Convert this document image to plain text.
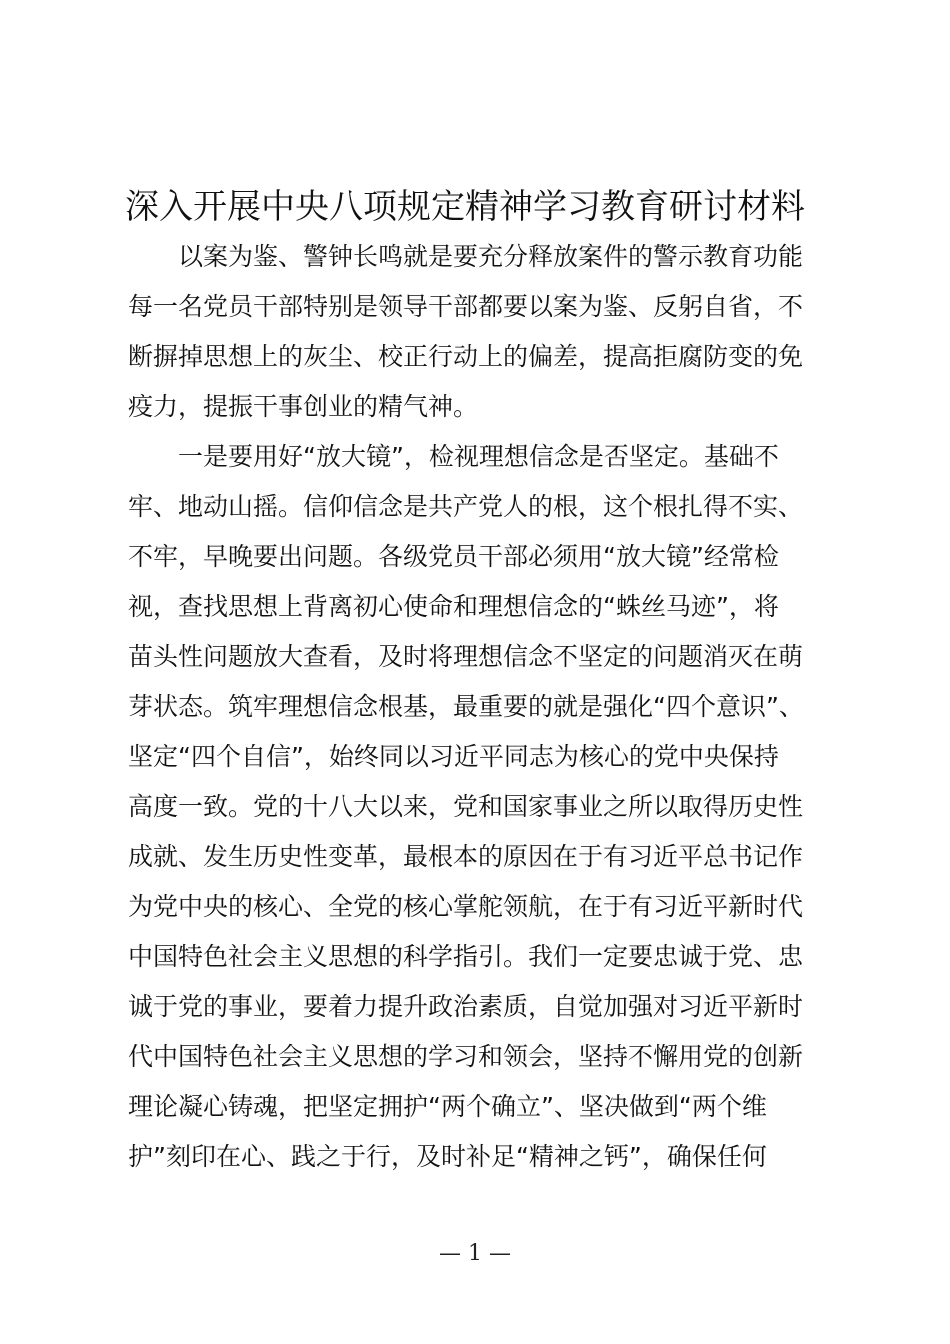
深入开展中央八项规定精神学习教育研讨材料

以案为鉴、警钟长鸣就是要充分释放案件的警示教育功能

每一名党员干部特别是领导干部都要以案为鉴、反躬自省，不

断摒掉思想上的灰尘、校正行动上的偏差，提高拒腐防变的免

疫力，提振干事创业的精气神。

一是要用好“放大镜”，检视理想信念是否坚定。基础不

牢、地动山摇。信仰信念是共产党人的根，这个根扎得不实、

不牢，早晚要出问题。各级党员干部必须用“放大镜”经常检

视，查找思想上背离初心使命和理想信念的“蛛丝马迹”，将

苗头性问题放大查看，及时将理想信念不坚定的问题消灭在萌

芽状态。筑牢理想信念根基，最重要的就是强化“四个意识”、

坚定“四个自信”，始终同以习近平同志为核心的党中央保持

高度一致。党的十八大以来，党和国家事业之所以取得历史性

成就、发生历史性变革，最根本的原因在于有习近平总书记作

为党中央的核心、全党的核心掌舵领航，在于有习近平新时代

中国特色社会主义思想的科学指引。我们一定要忠诚于党、忠

诚于党的事业，要着力提升政治素质，自觉加强对习近平新时

代中国特色社会主义思想的学习和领会，坚持不懈用党的创新

理论凝心铸魂，把坚定拥护“两个确立”、坚决做到“两个维

护”刻印在心、践之于行，及时补足“精神之钙”，确保任何

— 1 —
